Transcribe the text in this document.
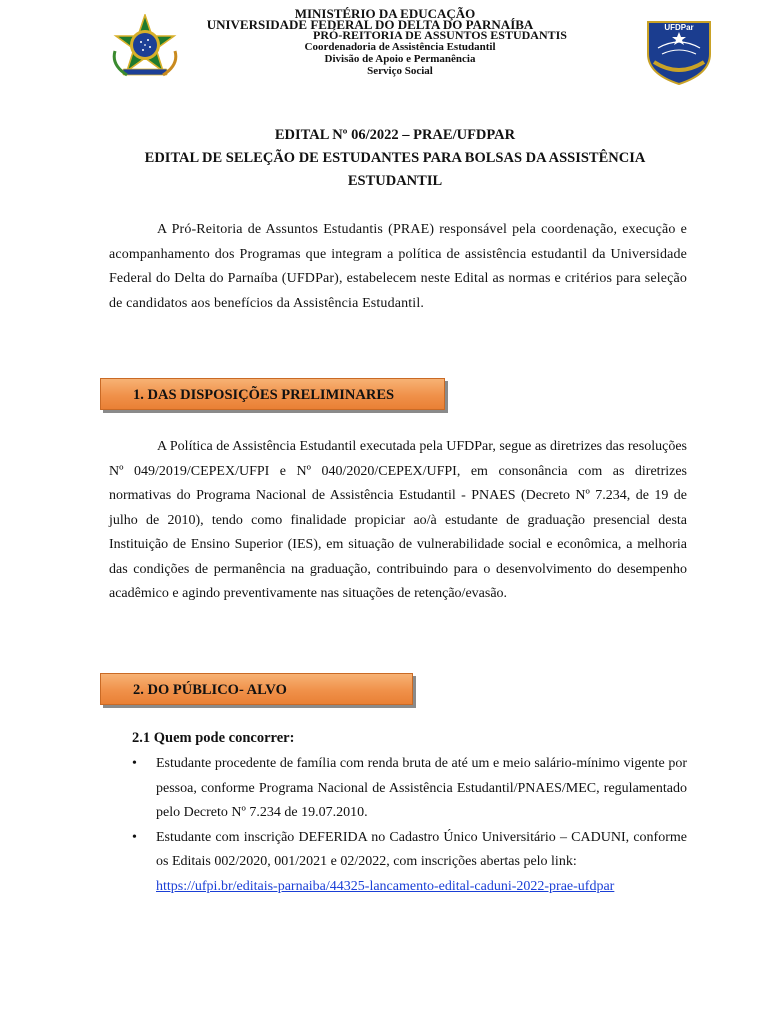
MINISTÉRIO DA EDUCAÇÃO
UNIVERSIDADE FEDERAL DO DELTA DO PARNAÍBA
PRÓ-REITORIA DE ASSUNTOS ESTUDANTIS
Coordenadoria de Assistência Estudantil
Divisão de Apoio e Permanência
Serviço Social
UFDPar
EDITAL Nº 06/2022 – PRAE/UFDPAR
EDITAL DE SELEÇÃO DE ESTUDANTES PARA BOLSAS DA ASSISTÊNCIA ESTUDANTIL

A Pró-Reitoria de Assuntos Estudantis (PRAE) responsável pela coordenação, execução e acompanhamento dos Programas que integram a política de assistência estudantil da Universidade Federal do Delta do Parnaíba (UFDPar), estabelecem neste Edital as normas e critérios para seleção de candidatos aos benefícios da Assistência Estudantil.

1. DAS DISPOSIÇÕES PRELIMINARES

A Política de Assistência Estudantil executada pela UFDPar, segue as diretrizes das resoluções Nº 049/2019/CEPEX/UFPI e Nº 040/2020/CEPEX/UFPI, em consonância com as diretrizes normativas do Programa Nacional de Assistência Estudantil - PNAES (Decreto Nº 7.234, de 19 de julho de 2010), tendo como finalidade propiciar ao/à estudante de graduação presencial desta Instituição de Ensino Superior (IES), em situação de vulnerabilidade social e econômica, a melhoria das condições de permanência na graduação, contribuindo para o desenvolvimento do desempenho acadêmico e agindo preventivamente nas situações de retenção/evasão.

2. DO PÚBLICO- ALVO
2.1 Quem pode concorrer:
• Estudante procedente de família com renda bruta de até um e meio salário-mínimo vigente por pessoa, conforme Programa Nacional de Assistência Estudantil/PNAES/MEC, regulamentado pelo Decreto Nº 7.234 de 19.07.2010.
• Estudante com inscrição DEFERIDA no Cadastro Único Universitário – CADUNI, conforme os Editais 002/2020, 001/2021 e 02/2022, com inscrições abertas pelo link:
https://ufpi.br/editais-parnaiba/44325-lancamento-edital-caduni-2022-prae-ufdpar
